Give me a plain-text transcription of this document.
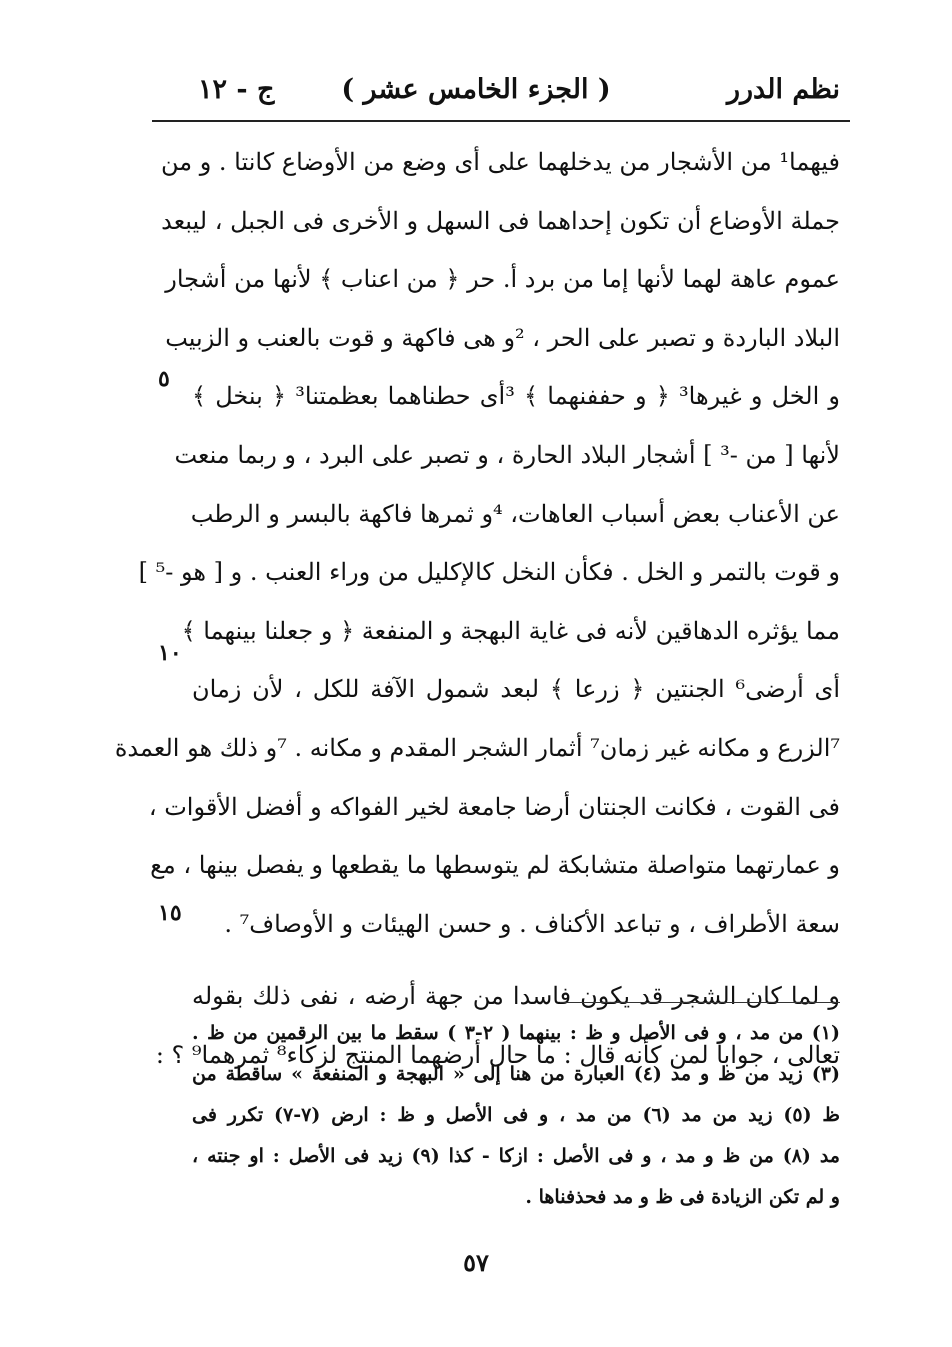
نظم الدرر
( الجزء الخامس عشر )
ج - ١٢
فيهما¹ من الأشجار من يدخلهما على أى وضع من الأوضاع كانتا . و من
جملة الأوضاع أن تكون إحداهما فى السهل و الأخرى فى الجبل ، ليبعد
عموم عاهة لهما لأنها إما من برد أ. حر ﴿ من اعناب ﴾ لأنها من أشجار
البلاد الباردة و تصبر على الحر ، ²و هى فاكهة و قوت بالعنب و الزبيب
و الخل و غيرها³ ﴿ و حففنهما ﴾ ³أى حطناهما بعظمتنا³ ﴿ بنخل ﴾
لأنها [ من -³ ] أشجار البلاد الحارة ، و تصبر على البرد ، و ربما منعت
عن الأعناب بعض أسباب العاهات، ⁴و ثمرها فاكهة بالبسر و الرطب
و قوت بالتمر و الخل . فكأن النخل كالإكليل من وراء العنب . و [ هو -⁵ ]
مما يؤثره الدهاقين لأنه فى غاية البهجة و المنفعة ﴿ و جعلنا بينهما ﴾
أى أرضى⁶ الجنتين ﴿ زرعا ﴾ لبعد شمول الآفة للكل ، لأن زمان
⁷الزرع و مكانه غير زمان⁷ أثمار الشجر المقدم و مكانه . ⁷و ذلك هو العمدة
فى القوت ، فكانت الجنتان أرضا جامعة لخير الفواكه و أفضل الأقوات ،
و عمارتهما متواصلة متشابكة لم يتوسطها ما يقطعها و يفصل بينها ، مع
سعة الأطراف ، و تباعد الأكناف . و حسن الهيئات و الأوصاف⁷ .
و لما كان الشجر قد يكون فاسدا من جهة أرضه ، نفى ذلك بقوله
تعالى ، جوابا لمن كأنه قال : ما حال أرضهما المنتج لزكاء⁸ ثمرهما⁹ ؟ :
٥
١٠
١٥
(١) من مد ، و فى الأصل و ظ : بينهما ( ٢-٣ ) سقط ما بين الرقمين من ظ .
(٣) زيد من ظ و مد (٤) العبارة من هنا إلى « البهجة و المنفعة » ساقطة من
ظ (٥) زيد من مد (٦) من مد ، و فى الأصل و ظ : ارض (٧-٧) تكرر فى
مد (٨) من ظ و مد ، و فى الأصل : ازكا - كذا (٩) زيد فى الأصل : او جنته ،
و لم تكن الزيادة فى ظ و مد فحذفناها .
٥٧
